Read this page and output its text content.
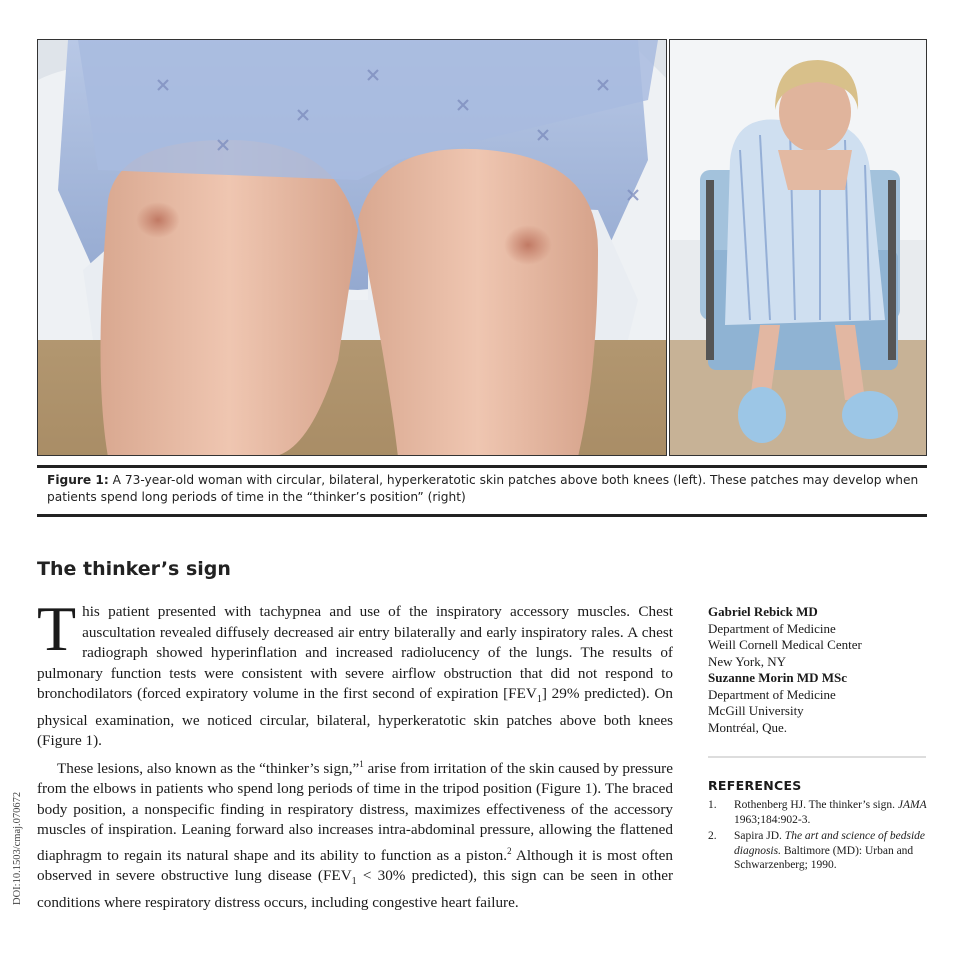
Figure 1: A 73-year-old woman with circular, bilateral, hyperkeratotic skin patches above both knees (left). These patches may develop when patients spend long periods of time in the “thinker’s position” (right)
The thinker’s sign

This patient presented with tachypnea and use of the inspiratory accessory muscles. Chest auscultation revealed diffusely decreased air entry bilaterally and early inspiratory rales. A chest radiograph showed hyperinflation and increased radiolucency of the lungs. The results of pulmonary function tests were consistent with severe airflow obstruction that did not respond to bronchodilators (forced expiratory volume in the first second of expiration $[FEV_1]$ 29% predicted). On physical examination, we noticed circular, bilateral, hyperkeratotic skin patches above both knees (Figure 1).

These lesions, also known as the “thinker’s sign,”$^1$ arise from irritation of the skin caused by pressure from the elbows in patients who spend long periods of time in the tripod position (Figure 1). The braced body position, a nonspecific finding in respiratory distress, maximizes effectiveness of the accessory muscles of inspiration. Leaning forward also increases intra-abdominal pressure, allowing the flattened diaphragm to regain its natural shape and its ability to function as a piston.$^2$ Although it is most often observed in severe obstructive lung disease ($FEV_1 < 30\%$ predicted), this sign can be seen in other conditions where respiratory distress occurs, including congestive heart failure.

Gabriel Rebick MD
Department of Medicine
Weill Cornell Medical Center
New York, NY
Suzanne Morin MD MSc
Department of Medicine
McGill University
Montréal, Que.
REFERENCES
1. Rothenberg HJ. The thinker’s sign. JAMA 1963;184:902-3.
2. Sapira JD. The art and science of bedside diagnosis. Baltimore (MD): Urban and Schwarzenberg; 1990.
DOI:10.1503/cmaj.070672
